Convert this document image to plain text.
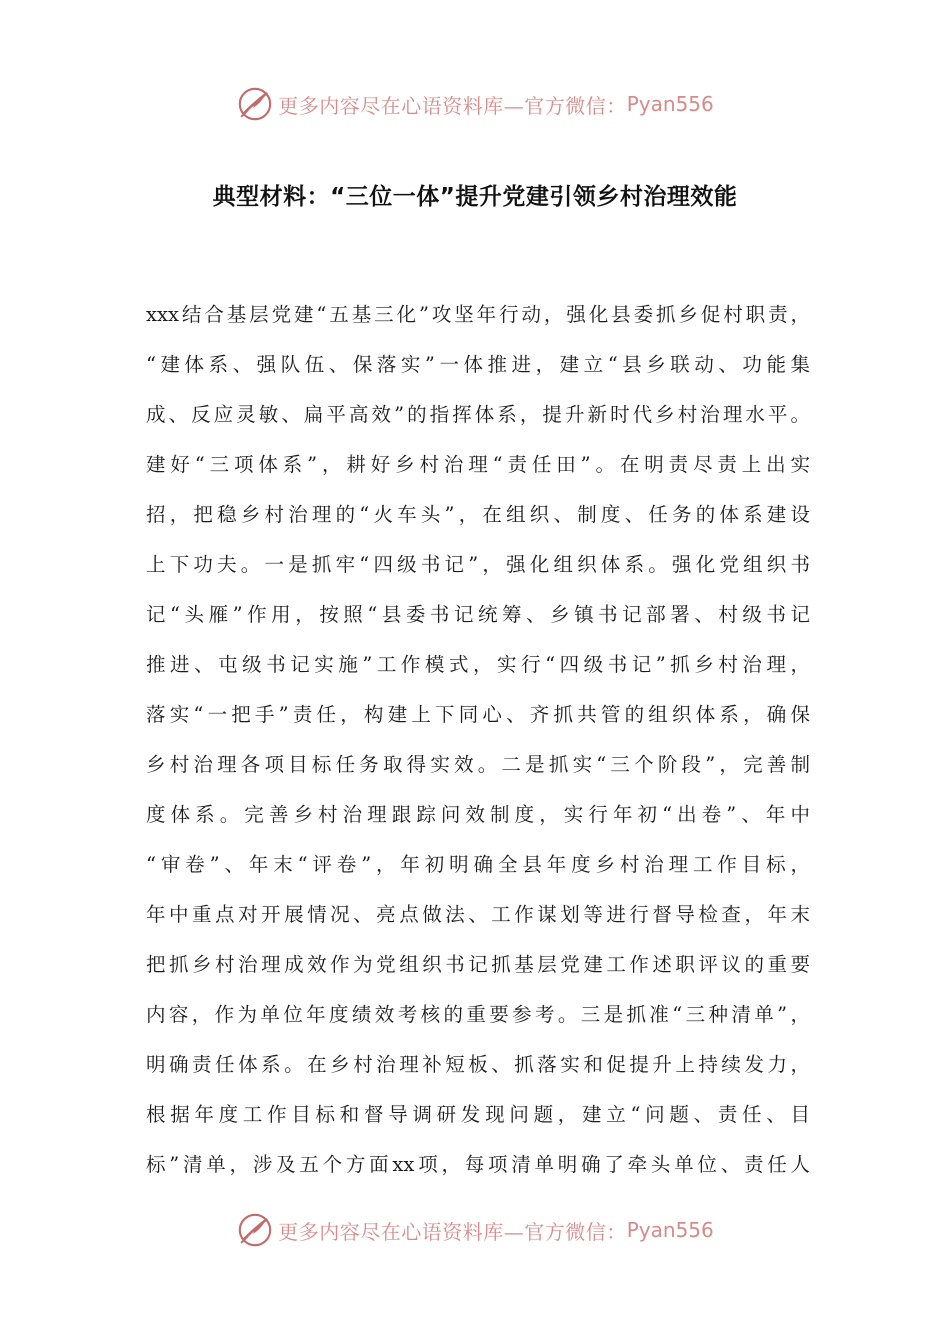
更多内容尽在心语资料库—官方微信： Pyan556
典型材料：“三位一体”提升党建引领乡村治理效能
xxx结合基层党建“五基三化”攻坚年行动，强化县委抓乡促村职责，
“建体系、强队伍、保落实”一体推进，建立“县乡联动、功能集
成、反应灵敏、扁平高效”的指挥体系，提升新时代乡村治理水平。
建好“三项体系”，耕好乡村治理“责任田”。在明责尽责上出实
招，把稳乡村治理的“火车头”，在组织、制度、任务的体系建设
上下功夫。一是抓牢“四级书记”，强化组织体系。强化党组织书
记“头雁”作用，按照“县委书记统筹、乡镇书记部署、村级书记
推进、屯级书记实施”工作模式，实行“四级书记”抓乡村治理，
落实“一把手”责任，构建上下同心、齐抓共管的组织体系，确保
乡村治理各项目标任务取得实效。二是抓实“三个阶段”，完善制
度体系。完善乡村治理跟踪问效制度，实行年初“出卷”、年中
“审卷”、年末“评卷”，年初明确全县年度乡村治理工作目标，
年中重点对开展情况、亮点做法、工作谋划等进行督导检查，年末
把抓乡村治理成效作为党组织书记抓基层党建工作述职评议的重要
内容，作为单位年度绩效考核的重要参考。三是抓准“三种清单”，
明确责任体系。在乡村治理补短板、抓落实和促提升上持续发力，
根据年度工作目标和督导调研发现问题，建立“问题、责任、目
标”清单，涉及五个方面xx项，每项清单明确了牵头单位、责任人
更多内容尽在心语资料库—官方微信： Pyan556
